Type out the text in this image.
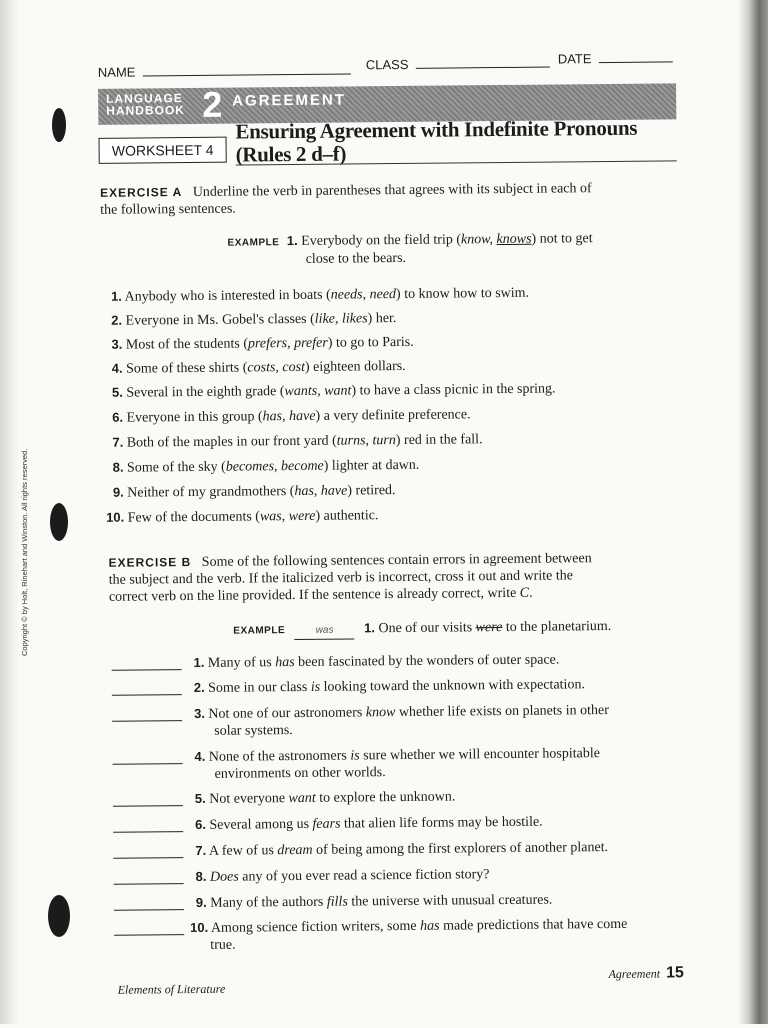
Copyright © by Holt, Rinehart and Winston. All rights reserved.
NAME	CLASS	DATE
LANGUAGE
HANDBOOK 2 AGREEMENT
WORKSHEET 4
Ensuring Agreement with Indefinite Pronouns
(Rules 2 d–f)
EXERCISE A Underline the verb in parentheses that agrees with its subject in each of
the following sentences.
EXAMPLE 1. Everybody on the field trip (know, knows) not to get
close to the bears.
1. Anybody who is interested in boats (needs, need) to know how to swim.
2. Everyone in Ms. Gobel's classes (like, likes) her.
3. Most of the students (prefers, prefer) to go to Paris.
4. Some of these shirts (costs, cost) eighteen dollars.
5. Several in the eighth grade (wants, want) to have a class picnic in the spring.
6. Everyone in this group (has, have) a very definite preference.
7. Both of the maples in our front yard (turns, turn) red in the fall.
8. Some of the sky (becomes, become) lighter at dawn.
9. Neither of my grandmothers (has, have) retired.
10. Few of the documents (was, were) authentic.
EXERCISE B Some of the following sentences contain errors in agreement between
the subject and the verb. If the italicized verb is incorrect, cross it out and write the
correct verb on the line provided. If the sentence is already correct, write C.
EXAMPLE	was 1. One of our visits were to the planetarium.
1. Many of us has been fascinated by the wonders of outer space.
2. Some in our class is looking toward the unknown with expectation.
3. Not one of our astronomers know whether life exists on planets in other
solar systems.
4. None of the astronomers is sure whether we will encounter hospitable
environments on other worlds.
5. Not everyone want to explore the unknown.
6. Several among us fears that alien life forms may be hostile.
7. A few of us dream of being among the first explorers of another planet.
8. Does any of you ever read a science fiction story?
9. Many of the authors fills the universe with unusual creatures.
10. Among science fiction writers, some has made predictions that have come
true.
Elements of Literature
Agreement 15
